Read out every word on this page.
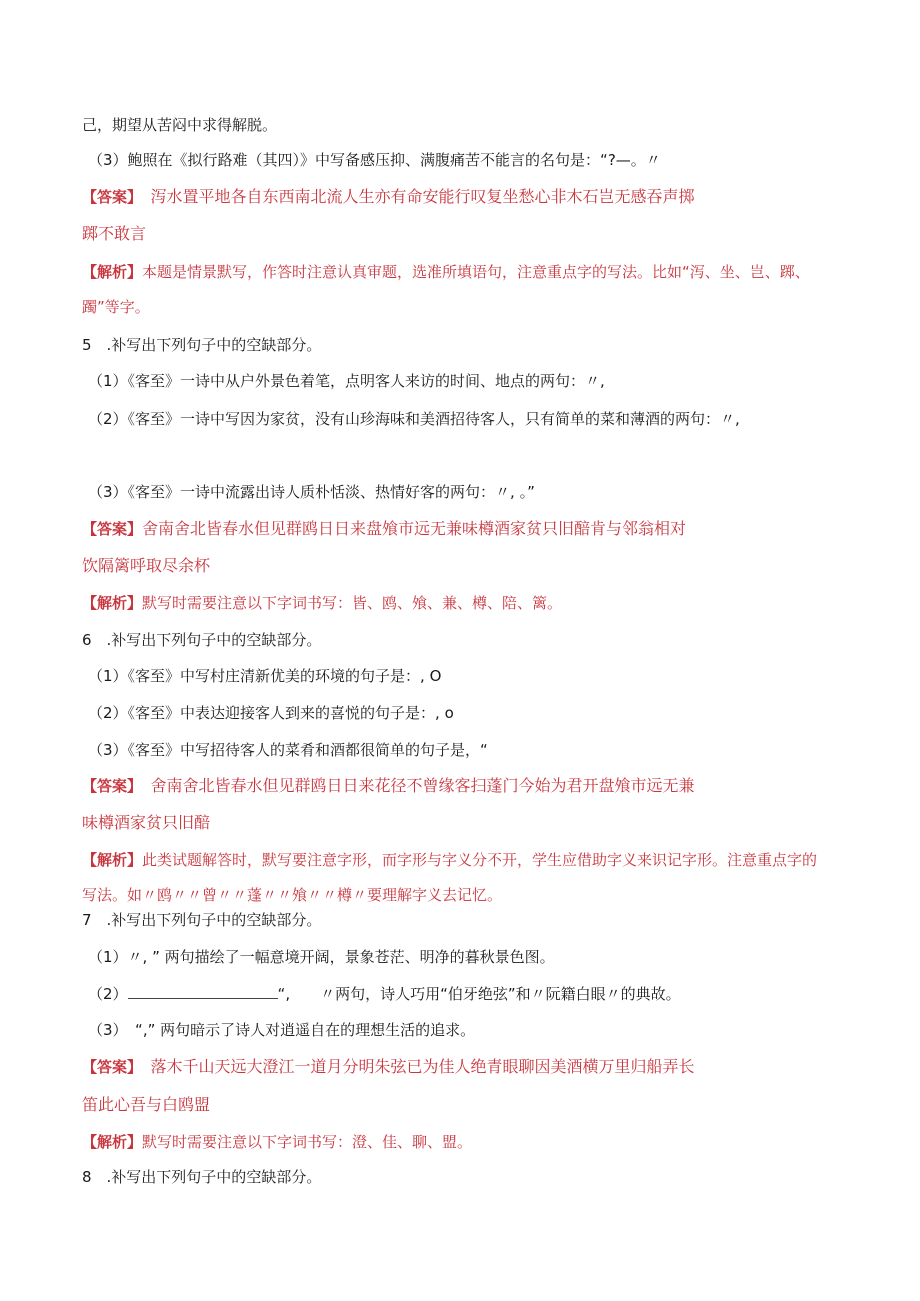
己，期望从苦闷中求得解脱。
（3）鲍照在《拟行路难（其四）》中写备感压抑、满腹痛苦不能言的名句是：“?—。〃
【答案】　泻水置平地各自东西南北流人生亦有命安能行叹复坐愁心非木石岂无感吞声掷
踯不敢言
【解析】本题是情景默写，作答时注意认真审题，选准所填语句，注意重点字的写法。比如“泻、坐、岂、踯、
躅”等字。
5　.补写出下列句子中的空缺部分。
（1）《客至》一诗中从户外景色着笔，点明客人来访的时间、地点的两句：〃,
（2）《客至》一诗中写因为家贫，没有山珍海味和美酒招待客人，只有简单的菜和薄酒的两句：〃,
（3）《客至》一诗中流露出诗人质朴恬淡、热情好客的两句：〃, 。”
【答案】舍南舍北皆春水但见群鸥日日来盘飧市远无兼味樽酒家贫只旧醅肯与邻翁相对
饮隔篱呼取尽余杯
【解析】默写时需要注意以下字词书写：皆、鸥、飧、兼、樽、陪、篱。
6　.补写出下列句子中的空缺部分。
（1）《客至》中写村庄清新优美的环境的句子是：, O
（2）《客至》中表达迎接客人到来的喜悦的句子是：, o
（3）《客至》中写招待客人的菜肴和酒都很简单的句子是，“
【答案】　舍南舍北皆春水但见群鸥日日来花径不曾缘客扫蓬门今始为君开盘飧市远无兼
味樽酒家贫只旧醅
【解析】此类试题解答时，默写要注意字形，而字形与字义分不开，学生应借助字义来识记字形。注意重点字的
写法。如〃鸥〃〃曾〃〃蓬〃〃飧〃〃樽〃要理解字义去记忆。
7　.补写出下列句子中的空缺部分。
（1）〃, ” 两句描绘了一幅意境开阔，景象苍茫、明净的暮秋景色图。
（2）	“,　　〃两句，诗人巧用“伯牙绝弦”和〃阮籍白眼〃的典故。
（3）　“,” 两句暗示了诗人对逍遥自在的理想生活的追求。
【答案】　落木千山天远大澄江一道月分明朱弦已为佳人绝青眼聊因美酒横万里归船弄长
笛此心吾与白鸥盟
【解析】默写时需要注意以下字词书写：澄、佳、聊、盟。
8　.补写出下列句子中的空缺部分。
